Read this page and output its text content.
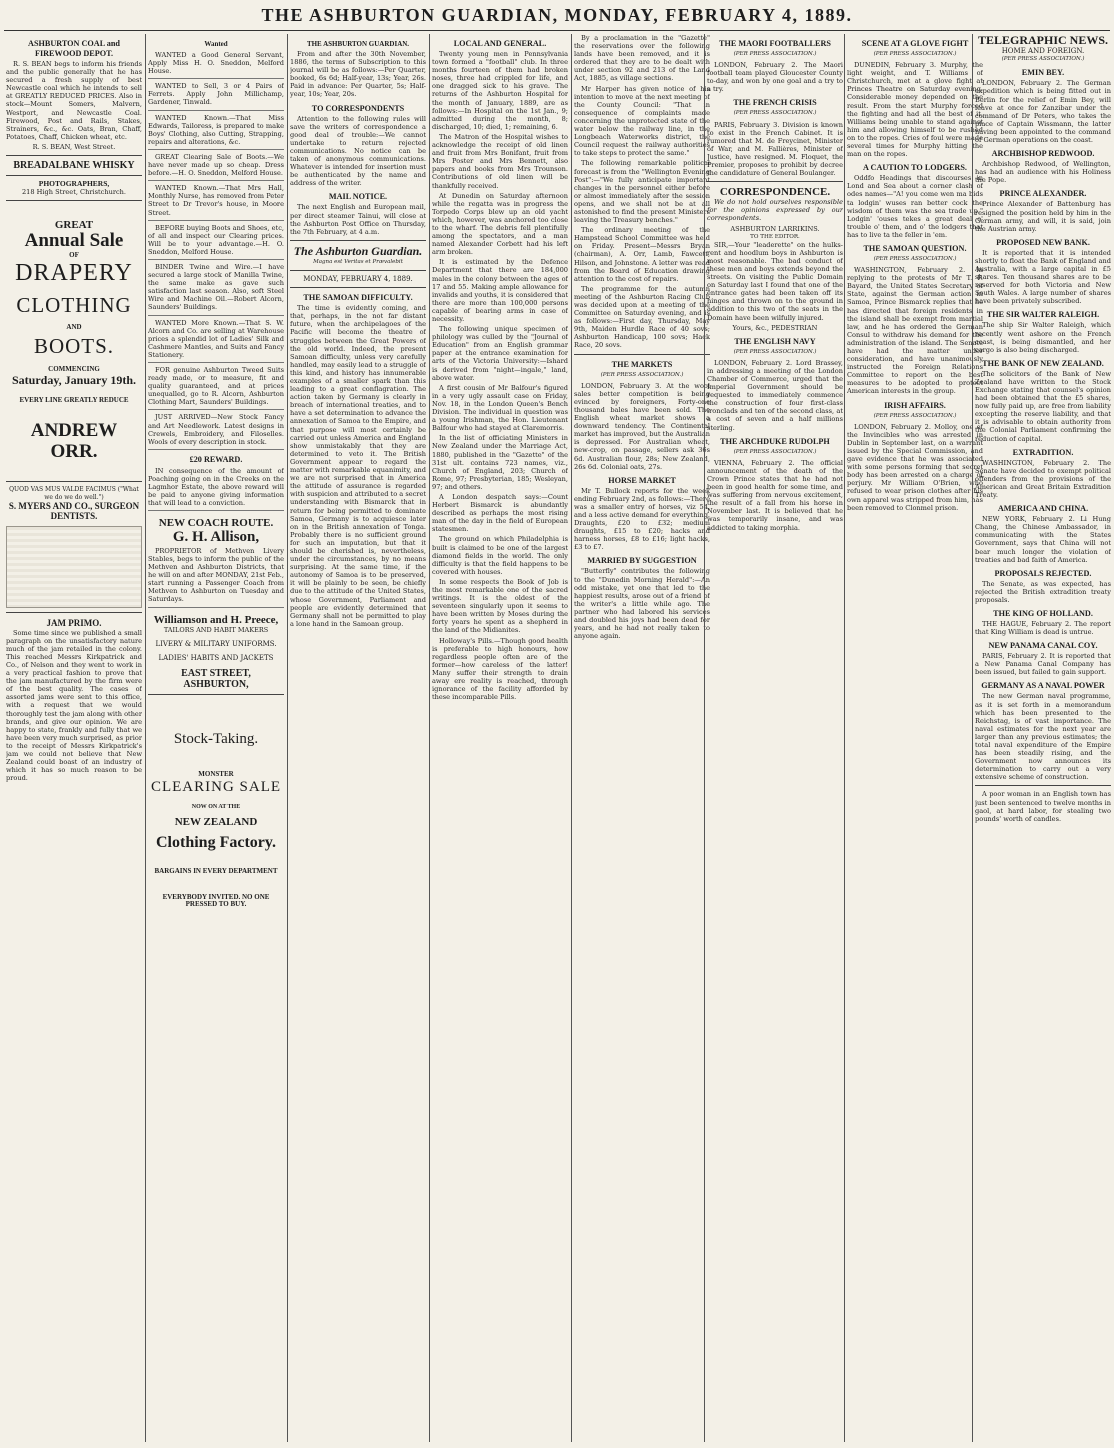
THE ASHBURTON GUARDIAN, MONDAY, FEBRUARY 4, 1889.
ASHBURTON COAL and FIREWOOD DEPOT.

R. S. BEAN begs to inform his friends and the public generally that he has secured a fresh supply of best Newcastle coal which he intends to sell at GREATLY REDUCED PRICES. Also in stock—Mount Somers, Malvern, Westport, and Newcastle Coal. Firewood, Post and Rails, Stakes, Strainers, &c., &c. Oats, Bran, Chaff, Potatoes, Chaff, Chicken wheat, etc.

R. S. BEAN, West Street.
BREADALBANE WHISKY
PHOTOGRAPHERS,
218 High Street, Christchurch.
GREAT
Annual Sale
OF
DRAPERY
CLOTHING
AND
BOOTS.
COMMENCING
Saturday, January 19th.
EVERY LINE GREATLY REDUCE
ANDREW ORR.
QUOD VAS MUS VALDE FACIMUS ("What we do we do well.")
S. MYERS AND CO., SURGEON DENTISTS.
JAM PRIMO.

Some time since we published a small paragraph on the unsatisfactory nature much of the jam retailed in the colony. This reached Messrs Kirkpatrick and Co., of Nelson and they went to work in a very practical fashion to prove that the jam manufactured by the firm were of the best quality. The cases of assorted jams were sent to this office, with a request that we would thoroughly test the jam along with other brands, and give our opinion. We are happy to state, frankly and fully that we have been very much surprised, as prior to the receipt of Messrs Kirkpatrick's jam we could not believe that New Zealand could boast of an industry of which it has so much reason to be proud.

Wanted

WANTED a Good General Servant, Apply Miss H. O. Sneddon, Melford House.

WANTED to Sell, 3 or 4 Pairs of Ferrets. Apply John Millichamp, Gardener, Tinwald.

WANTED Known.—That Miss Edwards, Tailoress, is prepared to make Boys' Clothing, also Cutting, Strapping, repairs and alterations, &c.

GREAT Clearing Sale of Boots.—We have never made up so cheap. Dress before.—H. O. Sneddon, Melford House.

WANTED Known.—That Mrs Hall, Monthly Nurse, has removed from Peter Street to Dr Trevor's house, in Moore Street.

BEFORE buying Boots and Shoes, etc, of all and inspect our Clearing prices. Will be to your advantage.—H. O. Sneddon, Melford House.

BINDER Twine and Wire.—I have secured a large stock of Manilla Twine, the same make as gave such satisfaction last season. Also, soft Steel Wire and Machine Oil.—Robert Alcorn, Saunders' Buildings.

WANTED More Known.—That S. W. Alcorn and Co. are selling at Warehouse prices a splendid lot of Ladies' Silk and Cashmere Mantles, and Suits and Fancy Stationery.

FOR genuine Ashburton Tweed Suits ready made, or to measure, fit and quality guaranteed, and at prices unequalled, go to R. Alcorn, Ashburton Clothing Mart, Saunders' Buildings.

JUST ARRIVED—New Stock Fancy and Art Needlework. Latest designs in Crewels, Embroidery, and Filoselles. Wools of every description in stock.

£20 REWARD.

IN consequence of the amount of Poaching going on in the Creeks on the Lagmhor Estate, the above reward will be paid to anyone giving information that will lead to a conviction.

NEW COACH ROUTE.
G. H. Allison,

PROPRIETOR of Methven Livery Stables, begs to inform the public of the Methven and Ashburton Districts, that he will on and after MONDAY, 21st Feb., start running a Passenger Coach from Methven to Ashburton on Tuesday and Saturdays.

Williamson and H. Preece,
TAILORS AND HABIT MAKERS
LIVERY & MILITARY UNIFORMS.
LADIES' HABITS AND JACKETS
EAST STREET,
ASHBURTON,
Stock-Taking.
MONSTER
CLEARING SALE
NOW ON AT THE
NEW ZEALAND
Clothing Factory.
BARGAINS IN EVERY DEPARTMENT
EVERYBODY INVITED. NO ONE PRESSED TO BUY.
THE ASHBURTON GUARDIAN.

From and after the 30th November, 1886, the terms of Subscription to this journal will be as follows:—Per Quarter, booked, 6s 6d; Half-year, 13s; Year, 26s. Paid in advance: Per Quarter, 5s; Half-year, 10s; Year, 20s.

TO CORRESPONDENTS

Attention to the following rules will save the writers of correspondence a good deal of trouble:—We cannot undertake to return rejected communications. No notice can be taken of anonymous communications. Whatever is intended for insertion must be authenticated by the name and address of the writer.

MAIL NOTICE.

The next English and European mail, per direct steamer Tainui, will close at the Ashburton Post Office on Thursday, the 7th February, at 4 a.m.

The Ashburton Guardian.
Magna est Veritas et Prævalebit
MONDAY, FEBRUARY 4, 1889.
THE SAMOAN DIFFICULTY.

The time is evidently coming, and that, perhaps, in the not far distant future, when the archipelagoes of the Pacific will become the theatre of struggles between the Great Powers of the old world. Indeed, the present Samoan difficulty, unless very carefully handled, may easily lead to a struggle of this kind, and history has innumerable examples of a smaller spark than this leading to a great conflagration. The action taken by Germany is clearly in breach of international treaties, and to have a set determination to advance the annexation of Samoa to the Empire, and that purpose will most certainly be carried out unless America and England show unmistakably that they are determined to veto it. The British Government appear to regard the matter with remarkable equanimity, and we are not surprised that in America the attitude of assurance is regarded with suspicion and attributed to a secret understanding with Bismarck that in return for being permitted to dominate Samoa, Germany is to acquiesce later on in the British annexation of Tonga. Probably there is no sufficient ground for such an imputation, but that it should be cherished is, nevertheless, under the circumstances, by no means surprising. At the same time, if the autonomy of Samoa is to be preserved, it will be plainly to be seen, be chiefly due to the attitude of the United States, whose Government, Parliament and people are evidently determined that Germany shall not be permitted to play a lone hand in the Samoan group.

LOCAL AND GENERAL.

Twenty young men in Pennsylvania town formed a "football" club. In three months fourteen of them had broken noses, three had crippled for life, and one dragged sick to his grave. The returns of the Ashburton Hospital for the month of January, 1889, are as follows:—In Hospital on the 1st Jan., 9; admitted during the month, 8; discharged, 10; died, 1; remaining, 6.

The Matron of the Hospital wishes to acknowledge the receipt of old linen and fruit from Mrs Bonifant, fruit from Mrs Poster and Mrs Bennett, also papers and books from Mrs Trounson. Contributions of old linen will be thankfully received.

At Dunedin on Saturday afternoon while the regatta was in progress the Torpedo Corps blew up an old yacht which, however, was anchored too close to the wharf. The debris fell plentifully among the spectators, and a man named Alexander Corbett had his left arm broken.

It is estimated by the Defence Department that there are 184,000 males in the colony between the ages of 17 and 55. Making ample allowance for invalids and youths, it is considered that there are more than 100,000 persons capable of bearing arms in case of necessity.

The following unique specimen of philology was culled by the "Journal of Education" from an English grammar paper at the entrance examination for arts of the Victoria University:—Ishard is derived from "night—ingale," land, above water.

A first cousin of Mr Balfour's figured in a very ugly assault case on Friday, Nov. 18, in the London Queen's Bench Division. The individual in question was a young Irishman, the Hon. Lieutenant Balfour who had stayed at Claremorris.

In the list of officiating Ministers in New Zealand under the Marriage Act, 1880, published in the "Gazette" of the 31st ult. contains 723 names, viz., Church of England, 203; Church of Rome, 97; Presbyterian, 185; Wesleyan, 97; and others.

A London despatch says:—Count Herbert Bismarck is abundantly described as perhaps the most rising man of the day in the field of European statesmen.

The ground on which Philadelphia is built is claimed to be one of the largest diamond fields in the world. The only difficulty is that the field happens to be covered with houses.

In some respects the Book of Job is the most remarkable one of the sacred writings. It is the oldest of the seventeen singularly upon it seems to have been written by Moses during the forty years he spent as a shepherd in the land of the Midianites.

Holloway's Pills.—Though good health is preferable to high honours, how regardless people often are of the former—how careless of the latter! Many suffer their strength to drain away ere reality is reached, through ignorance of the facility afforded by these incomparable Pills.

By a proclamation in the "Gazette" the reservations over the following lands have been removed, and it is ordered that they are to be dealt with under section 92 and 213 of the Land Act, 1885, as village sections.

Mr Harper has given notice of his intention to move at the next meeting of the County Council: "That in consequence of complaints made concerning the unprotected state of the water below the railway line, in the Longbeach Waterworks district, the Council request the railway authorities to take steps to protect the same."

The following remarkable political forecast is from the "Wellington Evening Post":—"We fully anticipate important changes in the personnel either before or almost immediately after the session opens, and we shall not be at all astonished to find the present Ministers leaving the Treasury benches."

The ordinary meeting of the Hampstead School Committee was held on Friday. Present—Messrs Bryan (chairman), A. Orr, Lamb, Fawcett, Hilson, and Johnstone. A letter was read from the Board of Education drawing attention to the cost of repairs.

The programme for the autumn meeting of the Ashburton Racing Club was decided upon at a meeting of the Committee on Saturday evening, and is as follows:—First day, Thursday, May 9th, Maiden Hurdle Race of 40 sovs; Ashburton Handicap, 100 sovs; Hack Race, 20 sovs.

THE MARKETS
(PER PRESS ASSOCIATION.)

LONDON, February 3. At the wool sales better competition is being evinced by foreigners, Forty-one thousand bales have been sold. The English wheat market shows a downward tendency. The Continental market has improved, but the Australian is depressed. For Australian wheat, new-crop, on passage, sellers ask 36s 6d. Australian flour, 28s; New Zealand, 26s 6d. Colonial oats, 27s.

HORSE MARKET

Mr T. Bullock reports for the week ending February 2nd, as follows:—There was a smaller entry of horses, viz 54, and a less active demand for everything. Draughts, £20 to £32; medium draughts, £15 to £20; hacks and harness horses, £8 to £16; light hacks, £3 to £7.

MARRIED BY SUGGESTION

"Butterfly" contributes the following to the "Dunedin Morning Herald":—An odd mistake, yet one that led to the happiest results, arose out of a friend of the writer's a little while ago. The partner who had labored his services and doubled his joys had been dead for years, and he had not really taken to anyone again.

THE MAORI FOOTBALLERS
(PER PRESS ASSOCIATION.)

LONDON, February 2. The Maori football team played Gloucester County to-day, and won by one goal and a try to a try.

THE FRENCH CRISIS
(PER PRESS ASSOCIATION.)

PARIS, February 3. Division is known to exist in the French Cabinet. It is rumored that M. de Freycinet, Minister of War, and M. Fallières, Minister of Justice, have resigned. M. Floquet, the Premier, proposes to prohibit by decree the candidature of General Boulanger.

CORRESPONDENCE.

We do not hold ourselves responsible for the opinions expressed by our correspondents.

ASHBURTON LARRIKINS.
TO THE EDITOR.

SIR,—Your "leaderette" on the hulks-rent and hoodlum boys in Ashburton is most reasonable. The bad conduct of these men and boys extends beyond the streets. On visiting the Public Domain on Saturday last I found that one of the entrance gates had been taken off its hinges and thrown on to the ground in addition to this two of the seats in the Domain have been wilfully injured.

Yours, &c., PEDESTRIAN
THE ENGLISH NAVY
(PER PRESS ASSOCIATION.)

LONDON, February 2. Lord Brassey, in addressing a meeting of the London Chamber of Commerce, urged that the Imperial Government should be requested to immediately commence the construction of four first-class ironclads and ten of the second class, at a cost of seven and a half millions sterling.

THE ARCHDUKE RUDOLPH
(PER PRESS ASSOCIATION.)

VIENNA, February 2. The official announcement of the death of the Crown Prince states that he had not been in good health for some time, and was suffering from nervous excitement, the result of a fall from his horse in November last. It is believed that he was temporarily insane, and was addicted to taking morphia.

SCENE AT A GLOVE FIGHT
(PER PRESS ASSOCIATION.)

DUNEDIN, February 3. Murphy, the light weight, and T. Williams of Christchurch, met at a glove fight at Princes Theatre on Saturday evening. Considerable money depended on the result. From the start Murphy forced the fighting and had all the best of it, Williams being unable to stand against him and allowing himself to be rushed on to the ropes. Cries of foul were made several times for Murphy hitting the man on the ropes.

A CAUTION TO LODGERS.

Oddfo Headings that discourses in Lond and Sea about a corner clash of odes names—"A! you come wen ma bids ta lodgin' wuses ran better cock the wisdom of them was the sea trade up." Lodgin' 'ouses tekes a great deal o' trouble o' them, and o' the lodgers that has to live ta the feller in 'em.

THE SAMOAN QUESTION.
(PER PRESS ASSOCIATION.)

WASHINGTON, February 2. In replying to the protests of Mr T. F. Bayard, the United States Secretary of State, against the German action in Samoa, Prince Bismarck replies that he has directed that foreign residents in the island shall be exempt from martial law, and he has ordered the German Consul to withdraw his demand for the administration of the island. The Senate have had the matter under consideration, and have unanimously instructed the Foreign Relations Committee to report on the best measures to be adopted to protect American interests in the group.

IRISH AFFAIRS.
(PER PRESS ASSOCIATION.)

LONDON, February 2. Molloy, one of the Invincibles who was arrested in Dublin in September last, on a warrant issued by the Special Commission, and gave evidence that he was associated with some persons forming that secret body has been arrested on a charge of perjury. Mr William O'Brien, who refused to wear prison clothes after his own apparel was stripped from him, has been removed to Clonmel prison.

TELEGRAPHIC NEWS.
HOME AND FOREIGN.
(PER PRESS ASSOCIATION.)
EMIN BEY.

LONDON, February 2. The German expedition which is being fitted out in Berlin for the relief of Emin Bey, will leave at once for Zanzibar under the command of Dr Peters, who takes the place of Captain Wissmann, the latter having been appointed to the command of German operations on the coast.

ARCHBISHOP REDWOOD.

Archbishop Redwood, of Wellington, has had an audience with his Holiness the Pope.

PRINCE ALEXANDER.

Prince Alexander of Battenburg has resigned the position held by him in the German army, and will, it is said, join the Austrian army.

PROPOSED NEW BANK.

It is reported that it is intended shortly to float the Bank of England and Australia, with a large capital in £5 shares. Ten thousand shares are to be reserved for both Victoria and New South Wales. A large number of shares have been privately subscribed.

THE SIR WALTER RALEIGH.

The ship Sir Walter Raleigh, which recently went ashore on the French coast, is being dismantled, and her cargo is also being discharged.

THE BANK OF NEW ZEALAND.

The solicitors of the Bank of New Zealand have written to the Stock Exchange stating that counsel's opinion had been obtained that the £5 shares, now fully paid up, are free from liability excepting the reserve liability, and that it is advisable to obtain authority from the Colonial Parliament confirming the reduction of capital.

EXTRADITION.

WASHINGTON, February 2. The Senate have decided to exempt political offenders from the provisions of the American and Great Britain Extradition Treaty.

AMERICA AND CHINA.

NEW YORK, February 2. Li Hung Chang, the Chinese Ambassador, in communicating with the States Government, says that China will not bear much longer the violation of treaties and bad faith of America.

PROPOSALS REJECTED.

The Senate, as was expected, has rejected the British extradition treaty proposals.

THE KING OF HOLLAND.

THE HAGUE, February 2. The report that King William is dead is untrue.

NEW PANAMA CANAL COY.

PARIS, February 2. It is reported that a New Panama Canal Company has been issued, but failed to gain support.

GERMANY AS A NAVAL POWER

The new German naval programme, as it is set forth in a memorandum which has been presented to the Reichstag, is of vast importance. The naval estimates for the next year are larger than any previous estimates; the total naval expenditure of the Empire has been steadily rising, and the Government now announces its determination to carry out a very extensive scheme of construction.

A poor woman in an English town has just been sentenced to twelve months in gaol, at hard labor, for stealing two pounds' worth of candles.
